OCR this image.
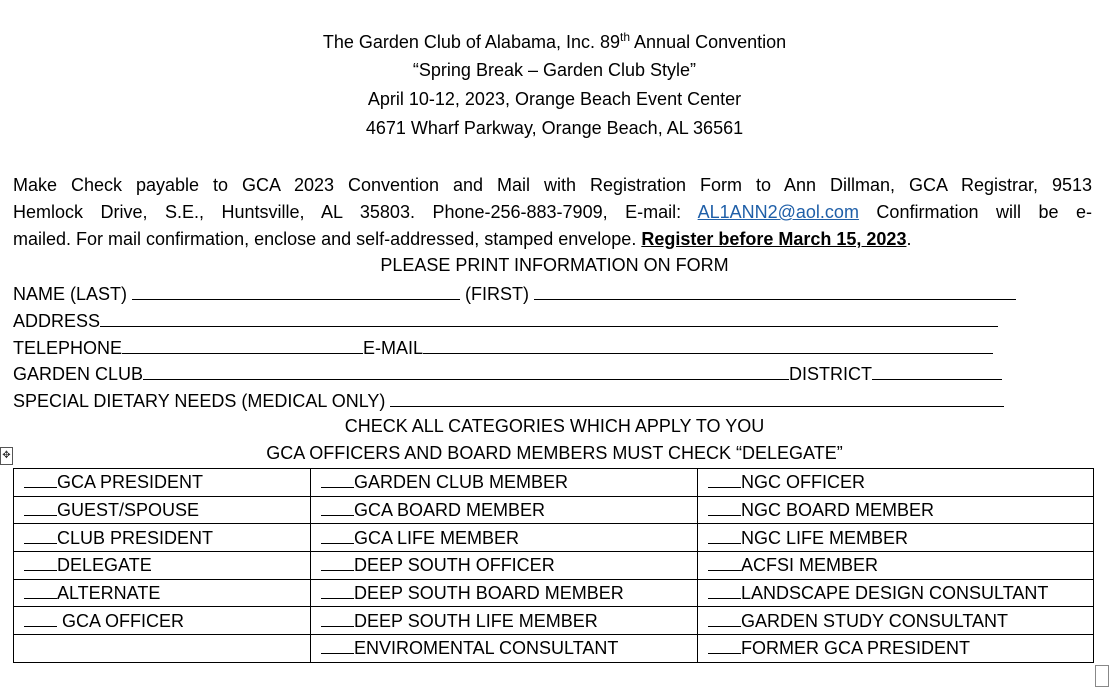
The Garden Club of Alabama, Inc. 89th Annual Convention
“Spring Break – Garden Club Style”
April 10-12, 2023, Orange Beach Event Center
4671 Wharf Parkway, Orange Beach, AL 36561
Make Check payable to GCA 2023 Convention and Mail with Registration Form to Ann Dillman, GCA Registrar, 9513
Hemlock Drive, S.E., Huntsville, AL 35803. Phone-256-883-7909, E-mail: AL1ANN2@aol.com Confirmation will be e-
mailed. For mail confirmation, enclose and self-addressed, stamped envelope. Register before March 15, 2023.
PLEASE PRINT INFORMATION ON FORM
NAME (LAST)	(FIRST)
ADDRESS
TELEPHONE	E-MAIL
GARDEN CLUB	DISTRICT
SPECIAL DIETARY NEEDS (MEDICAL ONLY)
CHECK ALL CATEGORIES WHICH APPLY TO YOU
GCA OFFICERS AND BOARD MEMBERS MUST CHECK “DELEGATE”
✥
GCA PRESIDENT	GARDEN CLUB MEMBER	NGC OFFICER
GUEST/SPOUSE	GCA BOARD MEMBER	NGC BOARD MEMBER
CLUB PRESIDENT	GCA LIFE MEMBER	NGC LIFE MEMBER
DELEGATE	DEEP SOUTH OFFICER	ACFSI MEMBER
ALTERNATE	DEEP SOUTH BOARD MEMBER	LANDSCAPE DESIGN CONSULTANT
GCA OFFICER	DEEP SOUTH LIFE MEMBER	GARDEN STUDY CONSULTANT
	ENVIROMENTAL CONSULTANT	FORMER GCA PRESIDENT
